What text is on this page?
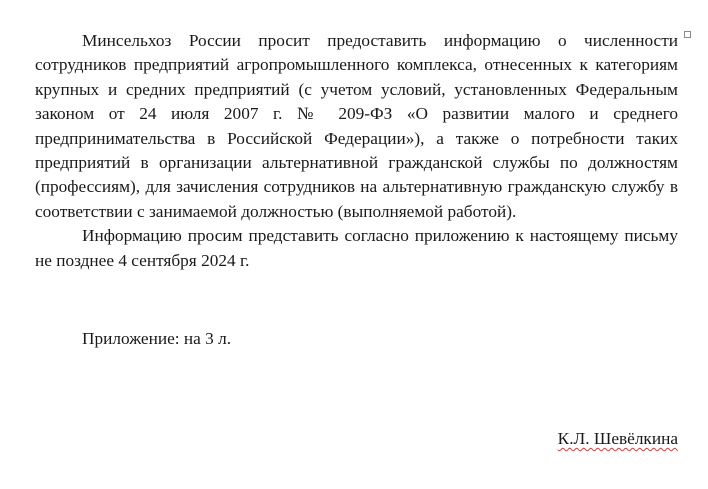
Минсельхоз России просит предоставить информацию о численности сотрудников предприятий агропромышленного комплекса, отнесенных к категориям крупных и средних предприятий (с учетом условий, установленных Федеральным законом от 24 июля 2007 г. № 209-ФЗ «О развитии малого и среднего предпринимательства в Российской Федерации»), а также о потребности таких предприятий в организации альтернативной гражданской службы по должностям (профессиям), для зачисления сотрудников на альтернативную гражданскую службу в соответствии с занимаемой должностью (выполняемой работой).

Информацию просим представить согласно приложению к настоящему письму не позднее 4 сентября 2024 г.

Приложение: на 3 л.

К.Л. Шевёлкина
